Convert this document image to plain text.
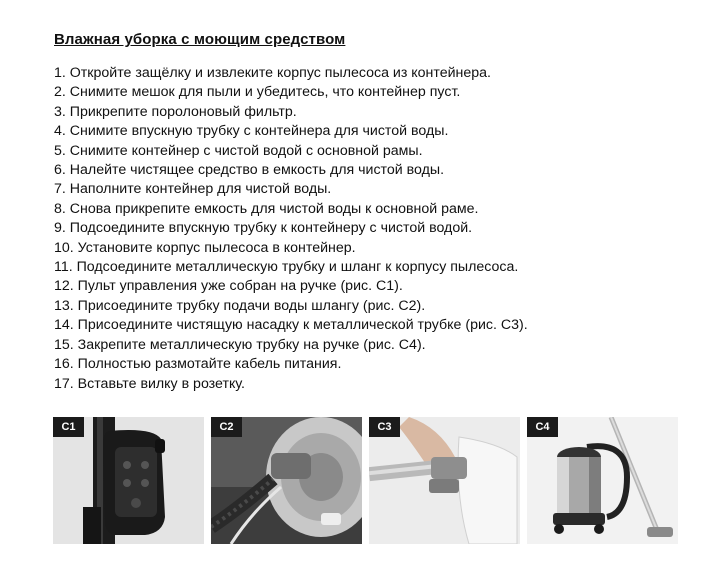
Влажная уборка с моющим средством
1. Откройте защёлку и извлеките корпус пылесоса из контейнера.
2. Снимите мешок для пыли и убедитесь, что контейнер пуст.
3. Прикрепите поролоновый фильтр.
4. Снимите впускную трубку с контейнера для чистой воды.
5. Снимите контейнер с чистой водой с основной рамы.
6. Налейте чистящее средство в емкость для чистой воды.
7. Наполните контейнер для чистой воды.
8. Снова прикрепите емкость для чистой воды к основной раме.
9. Подсоедините впускную трубку к контейнеру с чистой водой.
10. Установите корпус пылесоса в контейнер.
11. Подсоедините металлическую трубку и шланг к корпусу пылесоса.
12. Пульт управления уже собран на ручке (рис. C1).
13. Присоедините трубку подачи воды шлангу (рис. C2).
14. Присоедините чистящую насадку к металлической трубке (рис. C3).
15. Закрепите металлическую трубку на ручке (рис. C4).
16. Полностью размотайте кабель питания.
17. Вставьте вилку в розетку.
C1	C2	C3	C4
